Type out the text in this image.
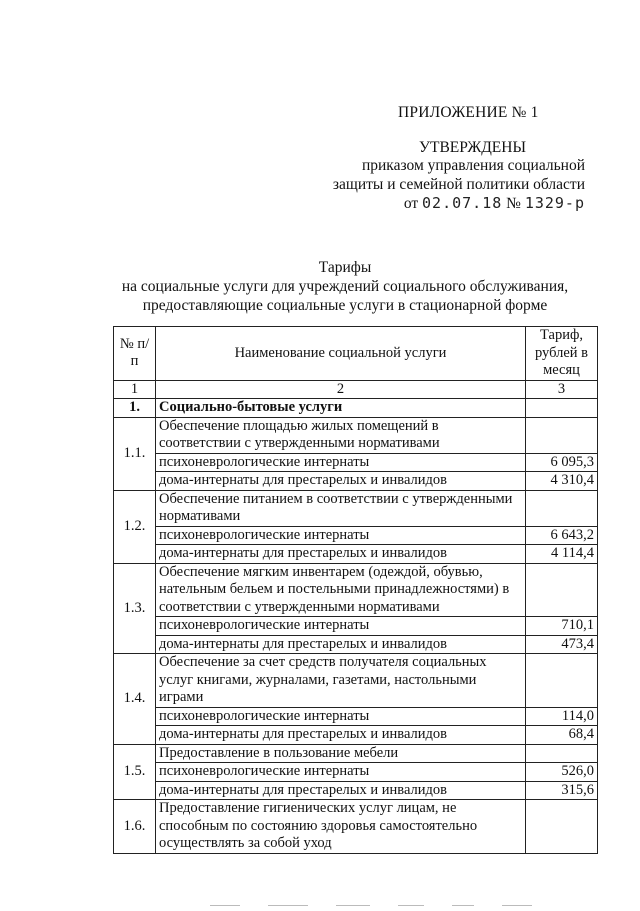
ПРИЛОЖЕНИЕ № 1
УТВЕРЖДЕНЫ
приказом управления социальной
защиты и семейной политики области
от 02.07.18 № 1329-р
Тарифы
на социальные услуги для учреждений социального обслуживания,
предоставляющие социальные услуги в стационарной форме
№ п/п	Наименование социальной услуги	Тариф, рублей в месяц
1	2	3
1.	Социально-бытовые услуги	
1.1.	Обеспечение площадью жилых помещений в соответствии с утвержденными нормативами	
	психоневрологические интернаты	6 095,3
	дома-интернаты для престарелых и инвалидов	4 310,4
1.2.	Обеспечение питанием в соответствии с утвержденными нормативами	
	психоневрологические интернаты	6 643,2
	дома-интернаты для престарелых и инвалидов	4 114,4
1.3.	Обеспечение мягким инвентарем (одеждой, обувью, нательным бельем и постельными принадлежностями) в соответствии с утвержденными нормативами	
	психоневрологические интернаты	710,1
	дома-интернаты для престарелых и инвалидов	473,4
1.4.	Обеспечение за счет средств получателя социальных услуг книгами, журналами, газетами, настольными играми	
	психоневрологические интернаты	114,0
	дома-интернаты для престарелых и инвалидов	68,4
1.5.	Предоставление в пользование мебели	
	психоневрологические интернаты	526,0
	дома-интернаты для престарелых и инвалидов	315,6
1.6.	Предоставление гигиенических услуг лицам, не способным по состоянию здоровья самостоятельно осуществлять за собой уход	
